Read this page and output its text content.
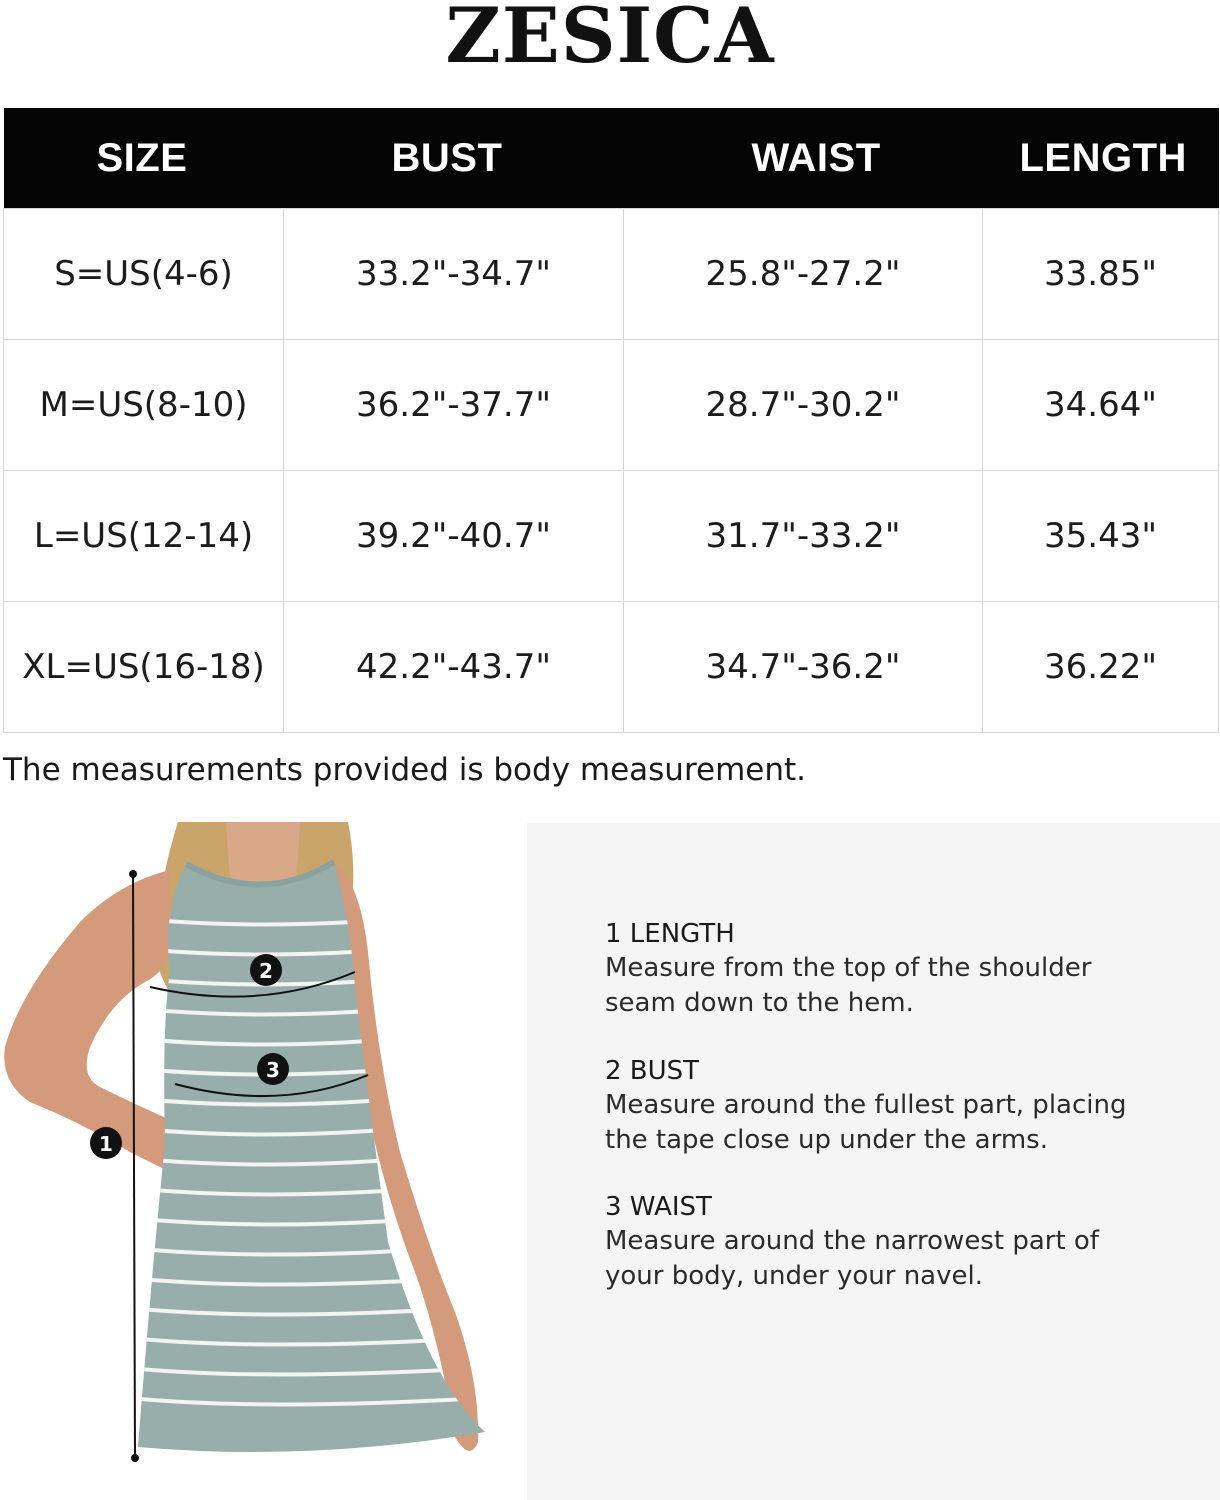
ZESICA
SIZE	BUST	WAIST	LENGTH
S=US(4-6)	33.2"-34.7"	25.8"-27.2"	33.85"
M=US(8-10)	36.2"-37.7"	28.7"-30.2"	34.64"
L=US(12-14)	39.2"-40.7"	31.7"-33.2"	35.43"
XL=US(16-18)	42.2"-43.7"	34.7"-36.2"	36.22"
The measurements provided is body measurement.
2
3
1
1 LENGTH
Measure from the top of the shoulder
seam down to the hem.
2 BUST
Measure around the fullest part, placing
the tape close up under the arms.
3 WAIST
Measure around the narrowest part of
your body, under your navel.
